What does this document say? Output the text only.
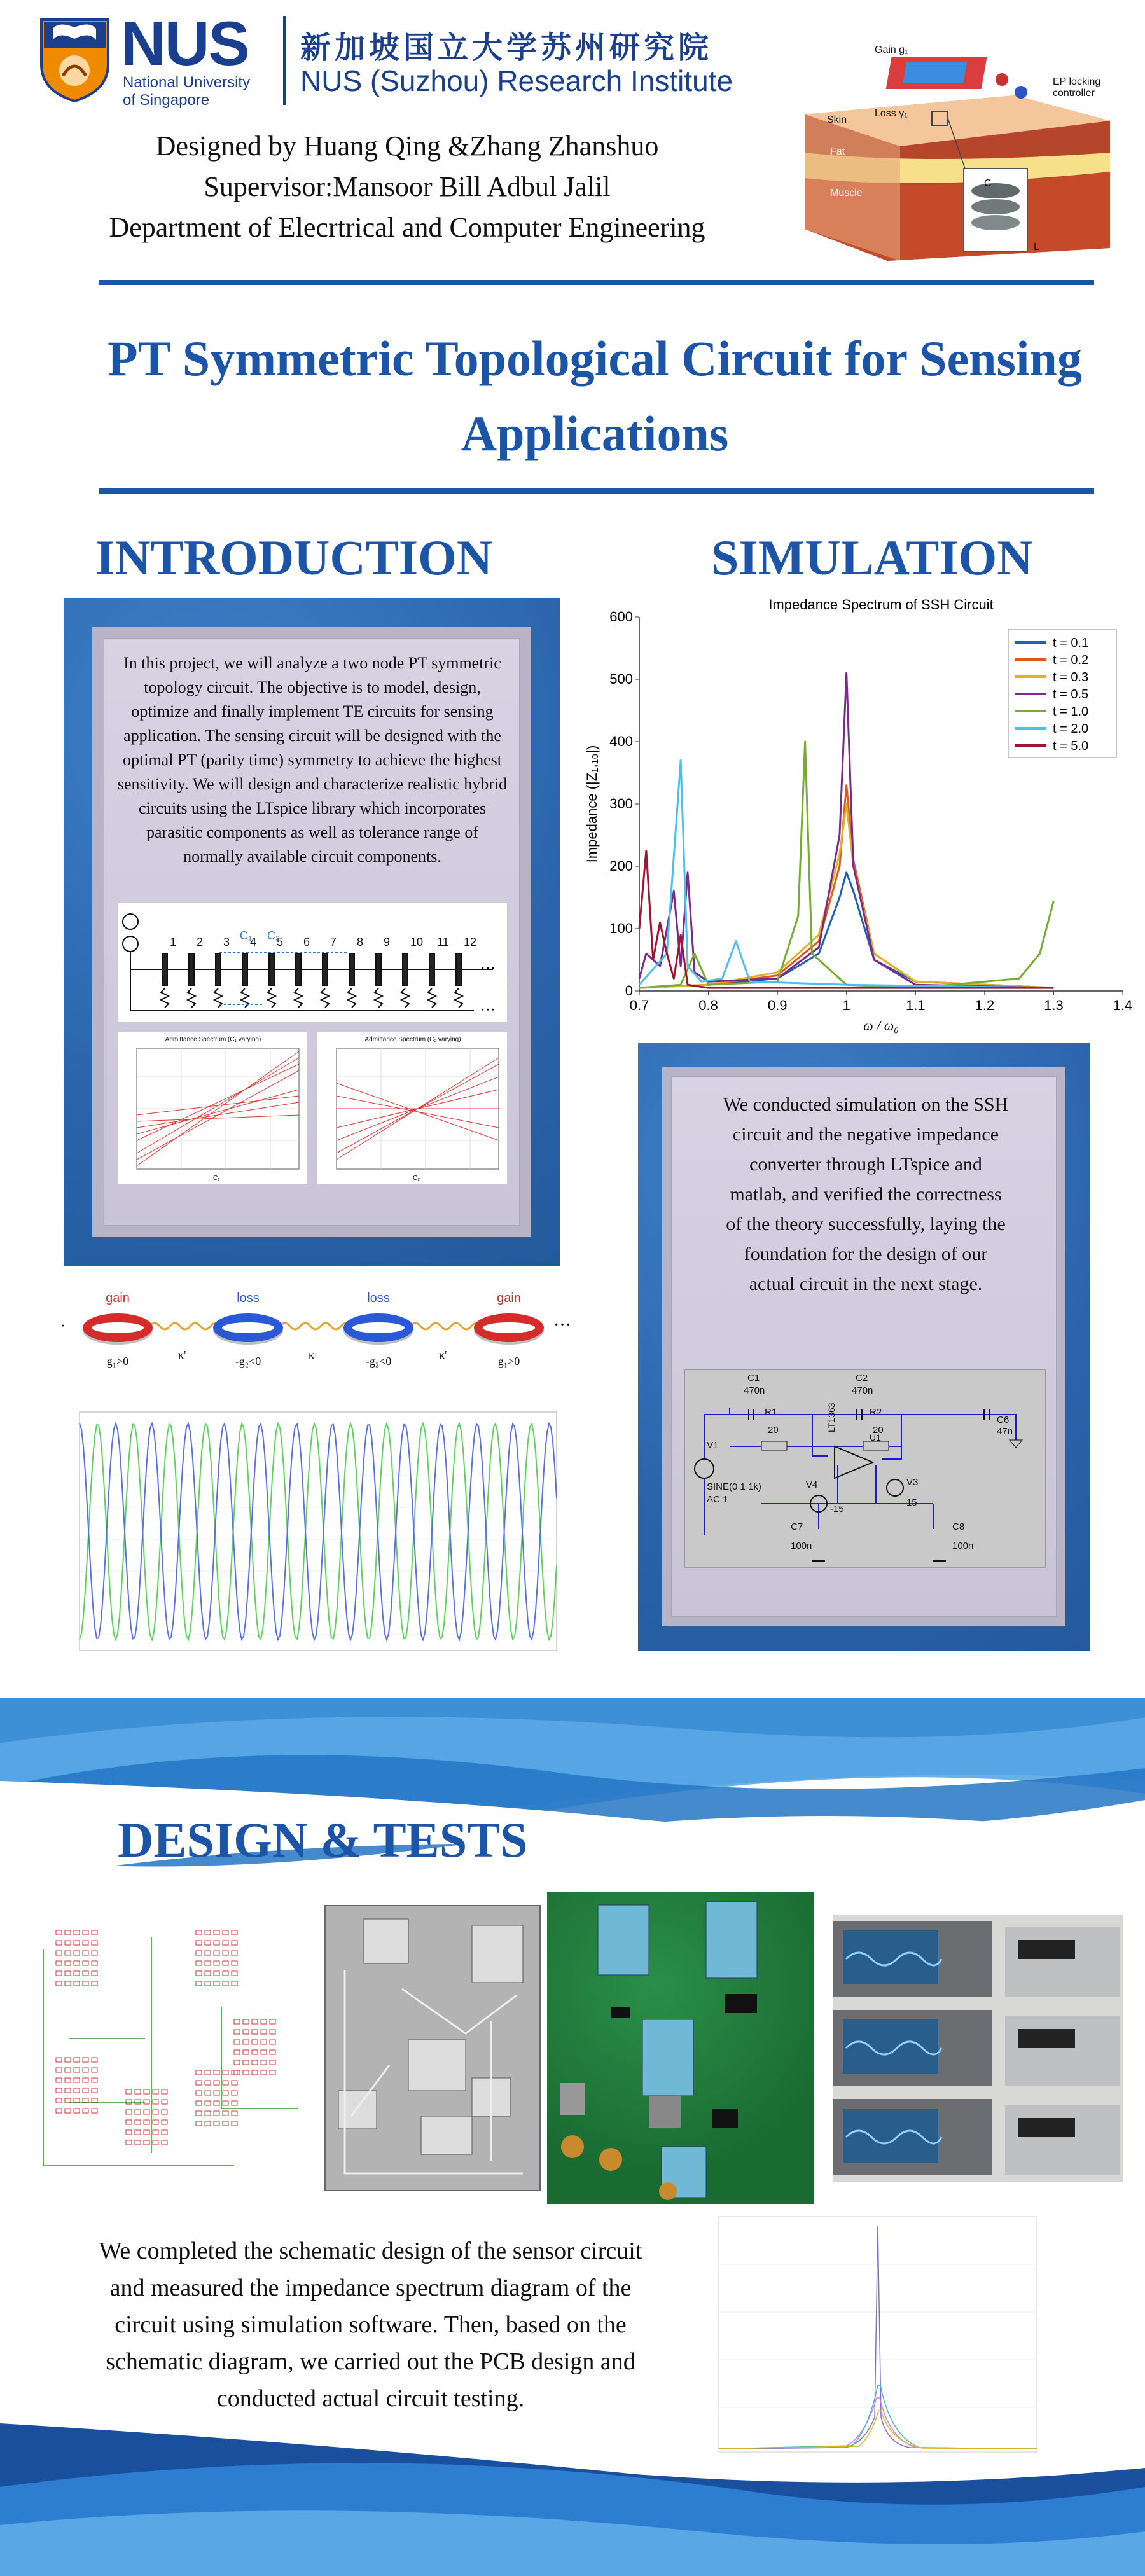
NUS
National University
of Singapore
新加坡国立大学苏州研究院
NUS (Suzhou) Research Institute
Designed by Huang Qing &Zhang Zhanshuo
Supervisor:Mansoor Bill Adbul Jalil
Department of Elecrtrical and Computer Engineering
Gain g₁
EP locking controller
Loss γ₁
Skin
Fat
Muscle
C
L
PT Symmetric Topological Circuit for Sensing
Applications
INTRODUCTION
In this project, we will analyze a two node PT symmetric topology circuit. The objective is to model, design, optimize and finally implement TE circuits for sensing application. The sensing circuit will be designed with the optimal PT (parity time) symmetry to achieve the highest sensitivity. We will design and characterize realistic hybrid circuits using the LTspice library which incorporates parasitic components as well as tolerance range of normally available circuit components.
···
···
1 2 3 4 5 6 7 8 9 10 11 12
C₁ C₂
Admittance Spectrum (C₁ varying)
C₁
Admittance Spectrum (C₂ varying)
C₂
·	···
gain
g₁>0
loss
-g₂<0
loss
-g₂<0
gain
g₁>0
κ'	κ	κ'
SIMULATION
Impedance Spectrum of SSH Circuit
0
100
200
300
400
500
600
0.7	0.8	0.9	1	1.1	1.2	1.3	1.4
ω / ω₀
Impedance (|Z₁,₁₀|)
t = 0.1
t = 0.2
t = 0.3
t = 0.5
t = 1.0
t = 2.0
t = 5.0
We conducted simulation on the SSH circuit and the negative impedance converter through LTspice and matlab, and verified the correctness of the theory successfully, laying the foundation for the design of our actual circuit in the next stage.
C1
470n
R1
20
C2
470n
R2
20
C6
47n
V1
SINE(0 1 1k)
AC 1
LT1363
U1
V4
-15
V3
15
C7
100n
C8
100n
DESIGN & TESTS
We completed the schematic design of the sensor circuit and measured the impedance spectrum diagram of the circuit using simulation software. Then, based on the schematic diagram, we carried out the PCB design and conducted actual circuit testing.
